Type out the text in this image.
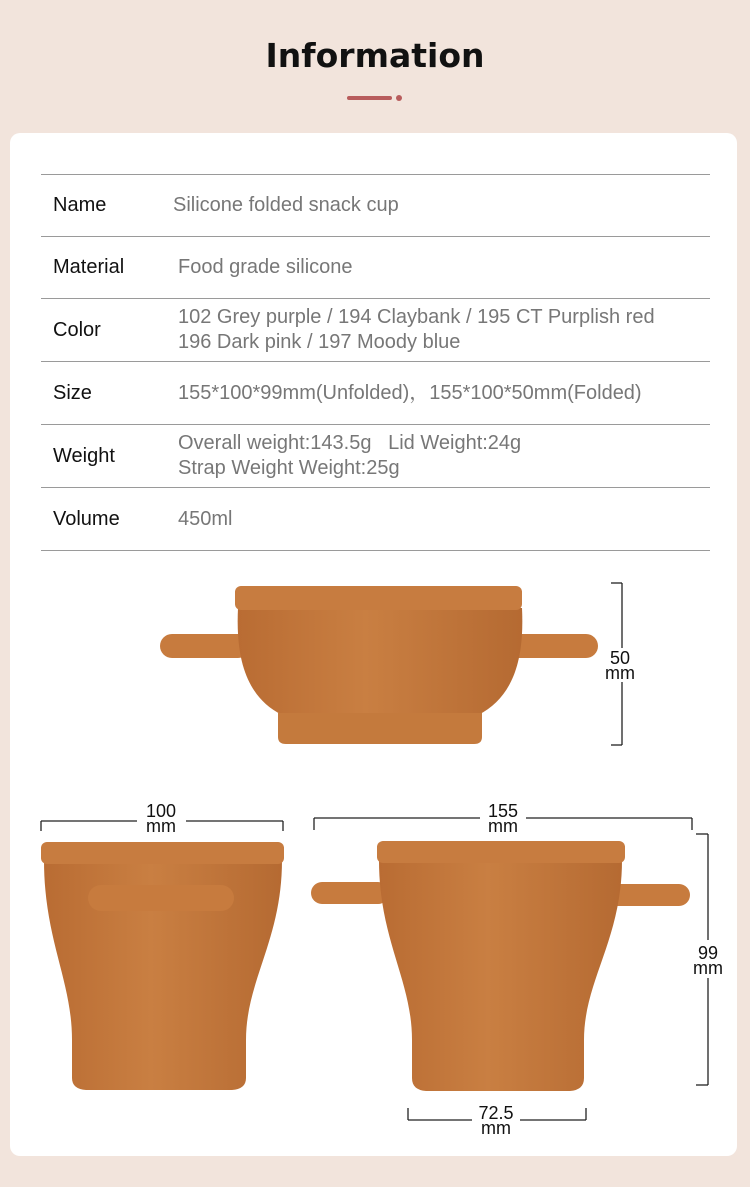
Information
Name	Silicone folded snack cup

Material	Food grade silicone

Color	102 Grey purple / 194 Claybank / 195 CT Purplish red
196 Dark pink / 197 Moody blue

Size	155*100*99mm(Unfolded)，155*100*50mm(Folded)

Weight	Overall weight:143.5g   Lid Weight:24g
Strap Weight Weight:25g

Volume	450ml
50
mm
100
mm
155
mm
99
mm
72.5
mm
